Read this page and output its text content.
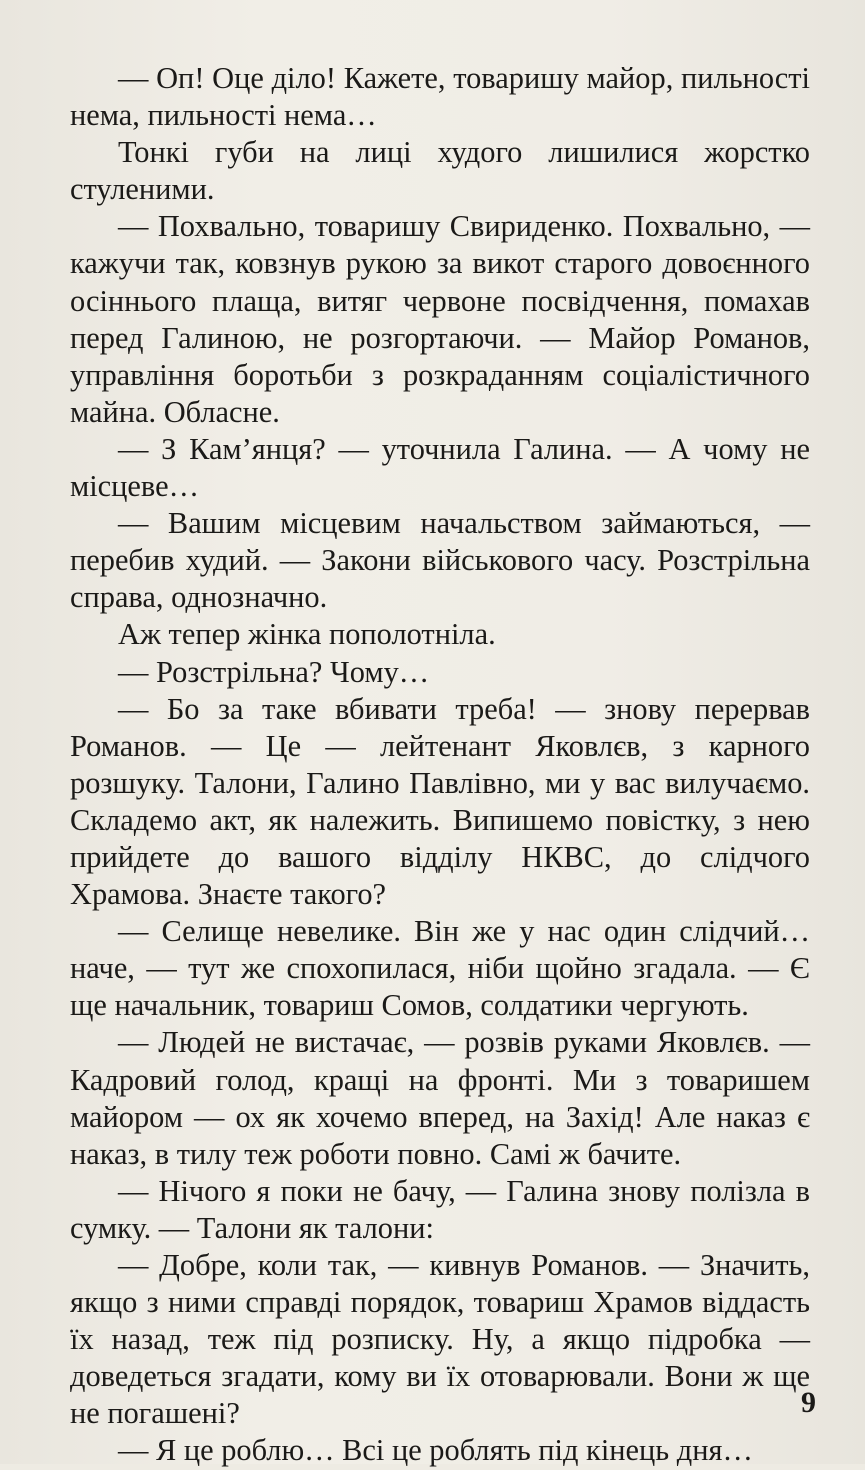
— Оп! Оце діло! Кажете, товаришу майор, пильності нема, пильності нема…

Тонкі губи на лиці худого лишилися жорстко стуленими.

— Похвально, товаришу Свириденко. Похвально, — кажучи так, ковзнув рукою за викот старого довоєнного осіннього плаща, витяг червоне посвідчення, помахав перед Галиною, не розгортаючи. — Майор Романов, управління боротьби з розкраданням соціалістичного майна. Обласне.

— З Кам’янця? — уточнила Галина. — А чому не місцеве…

— Вашим місцевим начальством займаються, — перебив худий. — Закони військового часу. Розстрільна справа, однозначно.

Аж тепер жінка пополотніла.

— Розстрільна? Чому…

— Бо за таке вбивати треба! — знову перервав Романов. — Це — лейтенант Яковлєв, з карного розшуку. Талони, Галино Павлівно, ми у вас вилучаємо. Складемо акт, як належить. Випишемо повістку, з нею прийдете до вашого відділу НКВС, до слідчого Храмова. Знаєте такого?

— Селище невелике. Він же у нас один слідчий… наче, — тут же спохопилася, ніби щойно згадала. — Є ще начальник, товариш Сомов, солдатики чергують.

— Людей не вистачає, — розвів руками Яковлєв. — Кадровий голод, кращі на фронті. Ми з товаришем майором — ох як хочемо вперед, на Захід! Але наказ є наказ, в тилу теж роботи повно. Самі ж бачите.

— Нічого я поки не бачу, — Галина знову полізла в сумку. — Талони як талони:

— Добре, коли так, — кивнув Романов. — Значить, якщо з ними справді порядок, товариш Храмов віддасть їх назад, теж під розписку. Ну, а якщо підробка — доведеться згадати, кому ви їх отоварювали. Вони ж ще не погашені?

— Я це роблю… Всі це роблять під кінець дня…

9
